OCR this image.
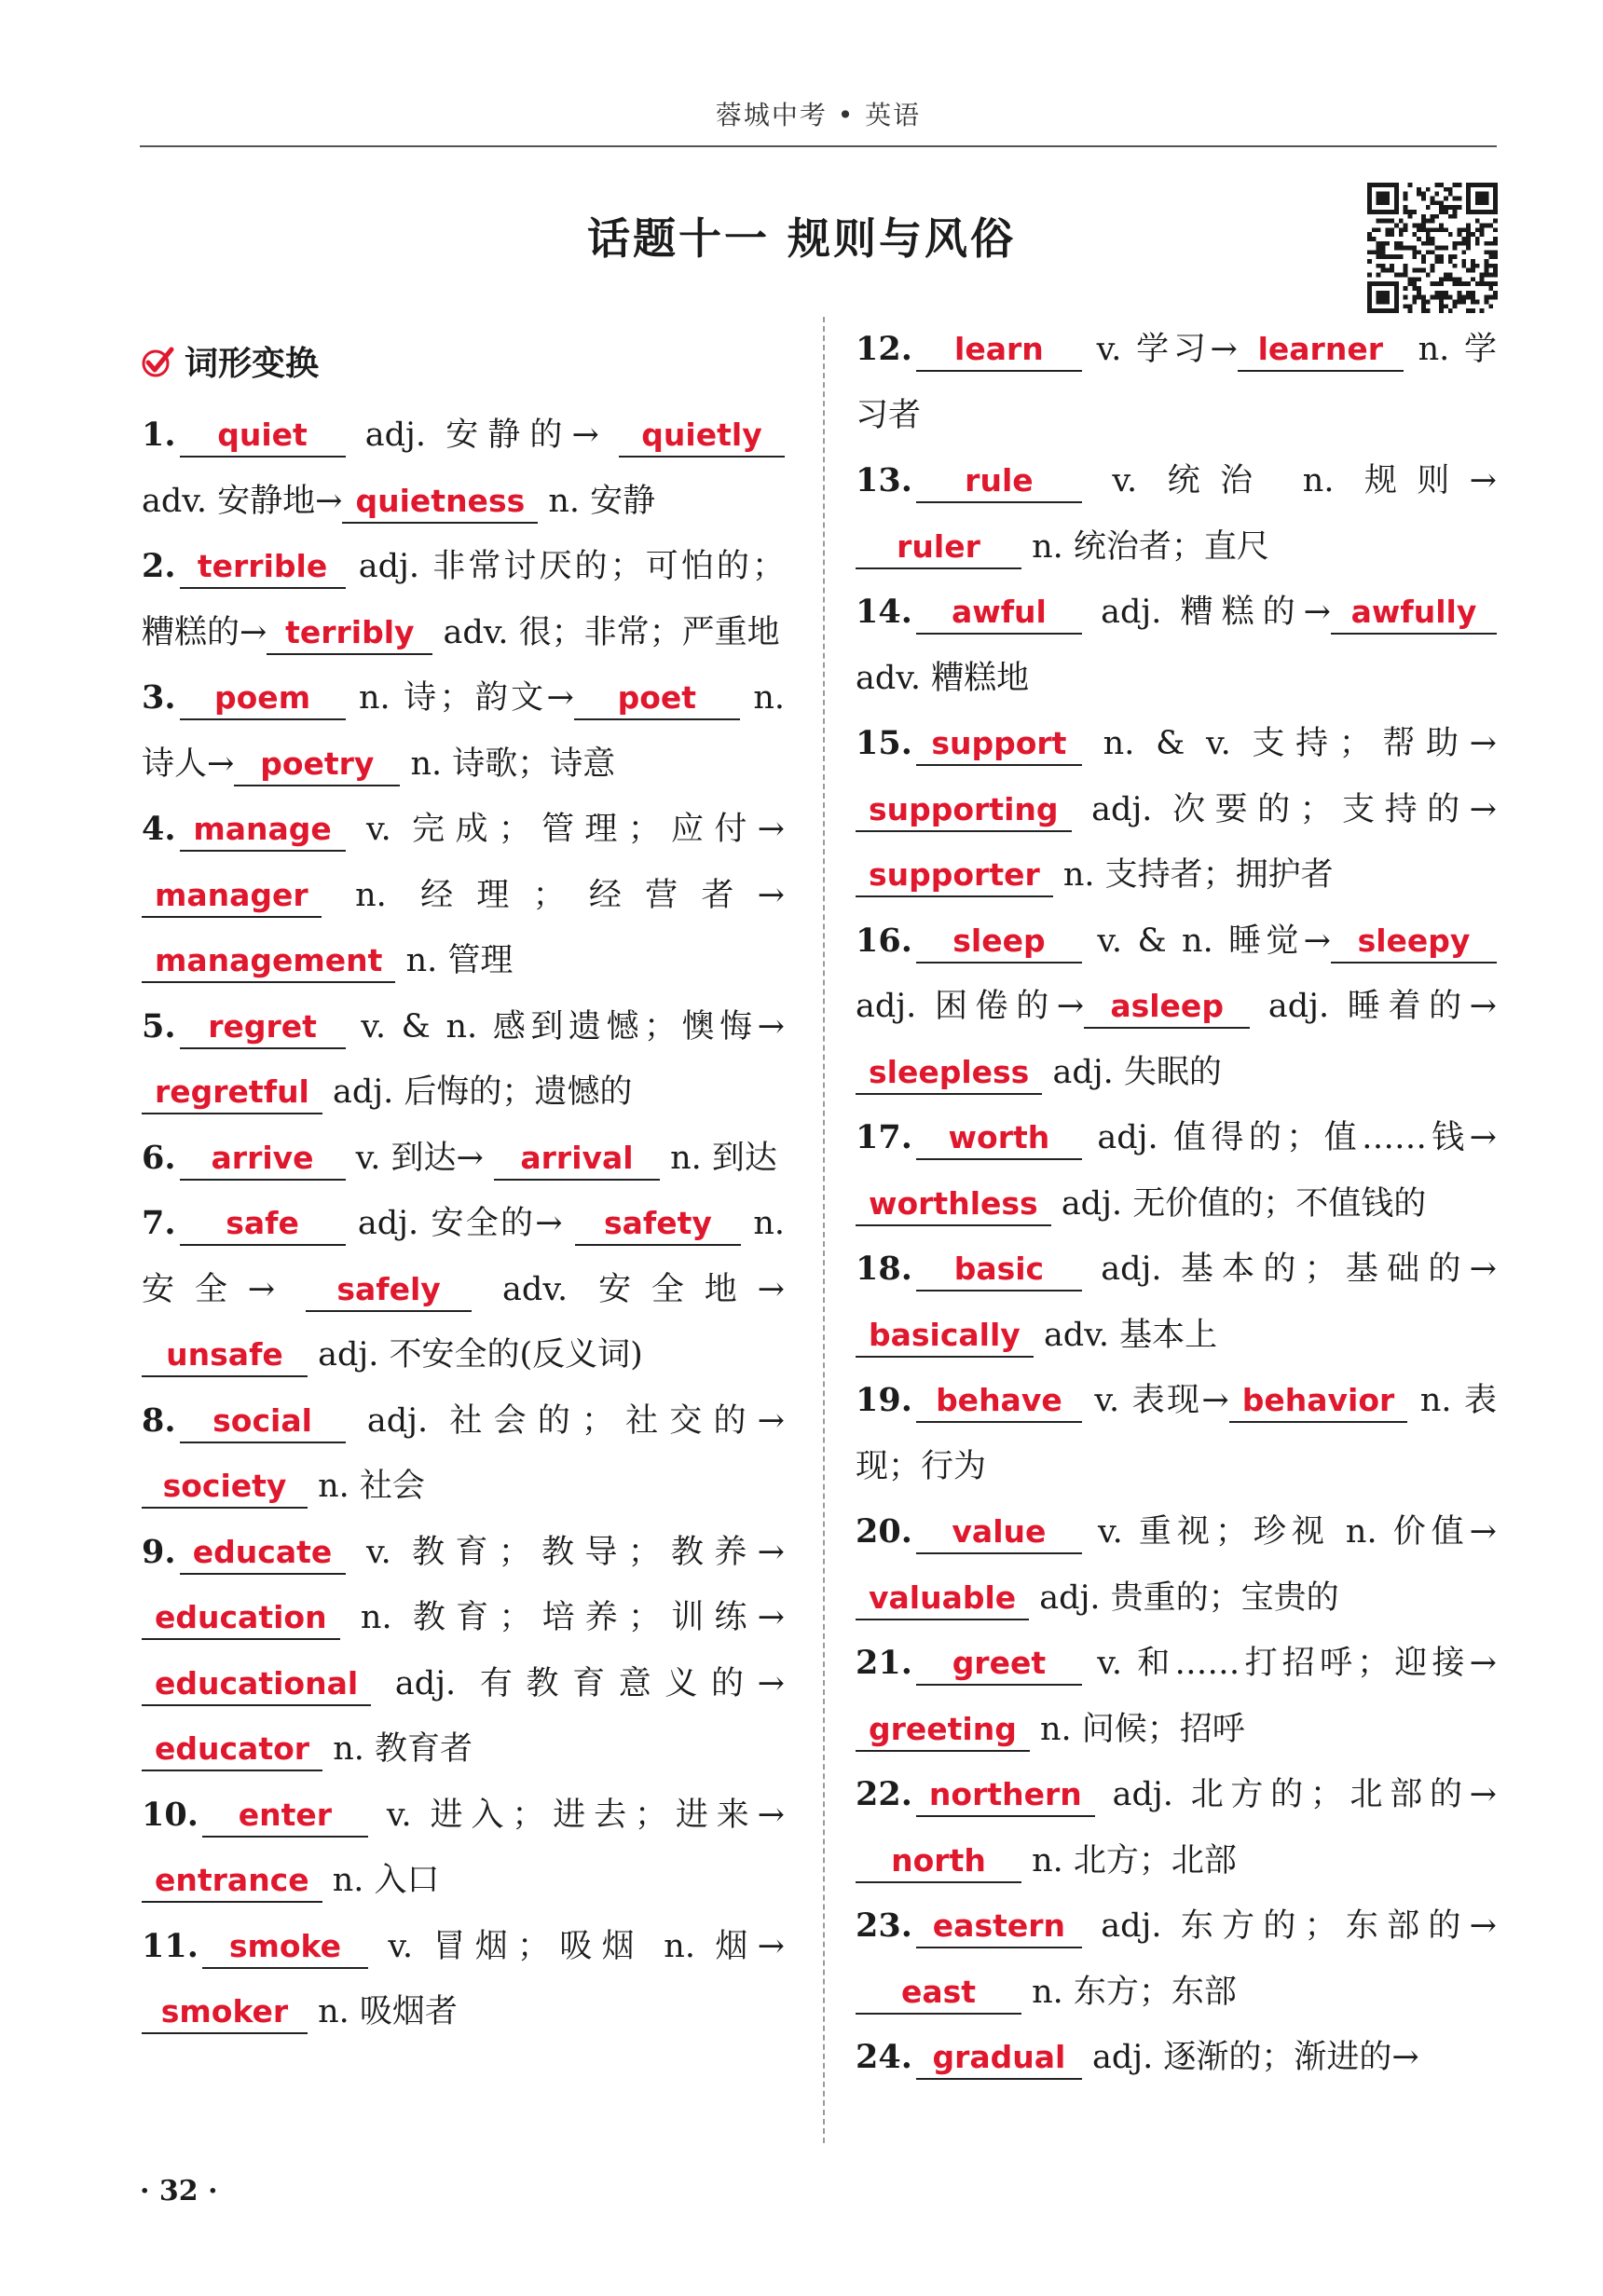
蓉城中考 • 英语
话题十一 规则与风俗
词形变换

1. quiet adj. 安静的→ quietly adv. 安静地→ quietness n. 安静

2. terrible adj. 非常讨厌的；可怕的；糟糕的→ terribly adv. 很；非常；严重地

3. poem n. 诗；韵文→ poet n. 诗人→ poetry n. 诗歌；诗意

4. manage v. 完成；管理；应付→manager n. 经理；经营者→management n. 管理

5. regret v. & n. 感到遗憾；懊悔→regretful adj. 后悔的；遗憾的

6. arrive v. 到达→ arrival n. 到达

7. safe adj. 安全的→ safety n. 安全→ safely adv. 安全地→unsafe adj. 不安全的(反义词)

8. social adj. 社会的；社交的→society n. 社会

9. educate v. 教育；教导；教养→education n. 教育；培养；训练→educational adj. 有教育意义的→educator n. 教育者

10. enter v. 进入；进去；进来→entrance n. 入口

11. smoke v. 冒烟；吸烟 n. 烟→smoker n. 吸烟者

12. learn v. 学习→ learner n. 学习者

13. rule v. 统治 n. 规则→ruler n. 统治者；直尺

14. awful adj. 糟糕的→ awfully adv. 糟糕地

15. support n. & v. 支持；帮助→supporting adj. 次要的；支持的→supporter n. 支持者；拥护者

16. sleep v. & n. 睡觉→ sleepy adj. 困倦的→ asleep adj. 睡着的→sleepless adj. 失眠的

17. worth adj. 值得的；值……钱→worthless adj. 无价值的；不值钱的

18. basic adj. 基本的；基础的→basically adv. 基本上

19. behave v. 表现→ behavior n. 表现；行为

20. value v. 重视；珍视 n. 价值→valuable adj. 贵重的；宝贵的

21. greet v. 和……打招呼；迎接→greeting n. 问候；招呼

22. northern adj. 北方的；北部的→north n. 北方；北部

23. eastern adj. 东方的；东部的→east n. 东方；东部

24. gradual adj. 逐渐的；渐进的→

· 32 ·
